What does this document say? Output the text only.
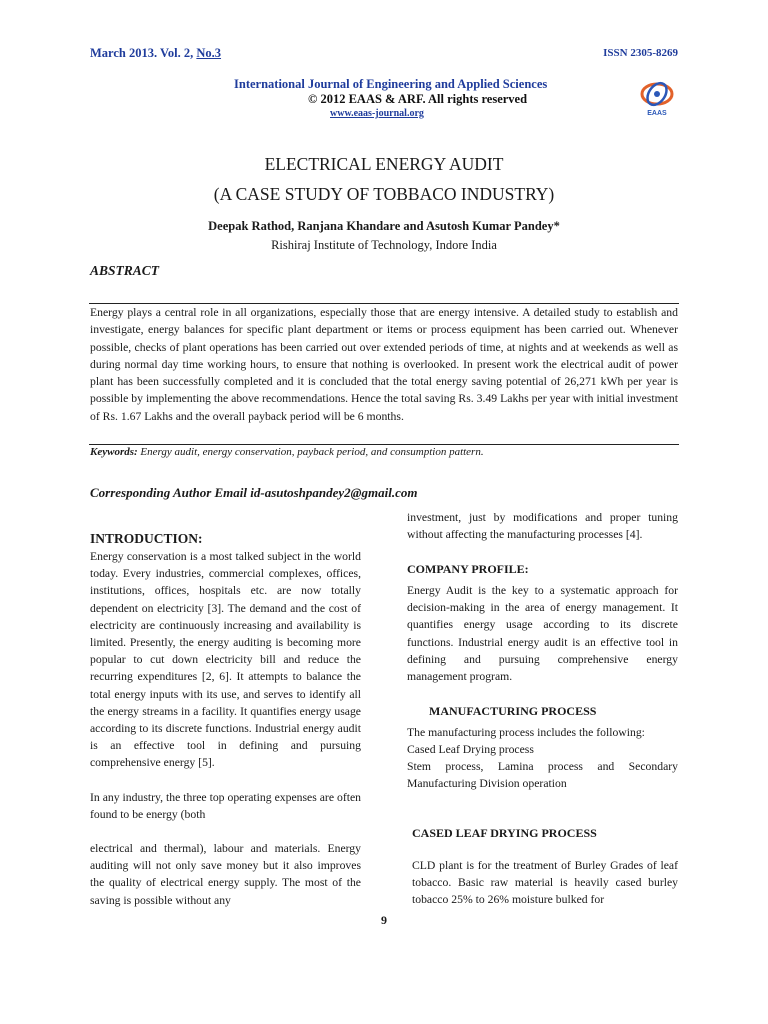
March 2013. Vol. 2, No.3	ISSN 2305-8269
International Journal of Engineering and Applied Sciences
© 2012 EAAS & ARF. All rights reserved
www.eaas-journal.org	EAAS
ELECTRICAL ENERGY AUDIT
(A CASE STUDY OF TOBBACO INDUSTRY)
Deepak Rathod, Ranjana Khandare and Asutosh Kumar Pandey*
Rishiraj Institute of Technology, Indore India
ABSTRACT
Energy plays a central role in all organizations, especially those that are energy intensive. A detailed study to establish and investigate, energy balances for specific plant department or items or process equipment has been carried out. Whenever possible, checks of plant operations has been carried out over extended periods of time, at nights and at weekends as well as during normal day time working hours, to ensure that nothing is overlooked. In present work the electrical audit of power plant has been successfully completed and it is concluded that the total energy saving potential of 26,271 kWh per year is possible by implementing the above recommendations. Hence the total saving Rs. 3.49 Lakhs per year with initial investment of Rs. 1.67 Lakhs and the overall payback period will be 6 months.
Keywords: Energy audit, energy conservation, payback period, and consumption pattern.
Corresponding Author Email id-asutoshpandey2@gmail.com
INTRODUCTION:
Energy conservation is a most talked subject in the world today. Every industries, commercial complexes, offices, institutions, offices, hospitals etc. are now totally dependent on electricity [3]. The demand and the cost of electricity are continuously increasing and availability is limited. Presently, the energy auditing is becoming more popular to cut down electricity bill and reduce the recurring expenditures [2, 6]. It attempts to balance the total energy inputs with its use, and serves to identify all the energy streams in a facility. It quantifies energy usage according to its discrete functions. Industrial energy audit is an effective tool in defining and pursuing comprehensive energy [5].
In any industry, the three top operating expenses are often found to be energy (both
electrical and thermal), labour and materials. Energy auditing will not only save money but it also improves the quality of electrical energy supply. The most of the saving is possible without any
investment, just by modifications and proper tuning without affecting the manufacturing processes [4].
COMPANY PROFILE:
Energy Audit is the key to a systematic approach for decision-making in the area of energy management. It quantifies energy usage according to its discrete functions. Industrial energy audit is an effective tool in defining and pursuing comprehensive energy management program.
MANUFACTURING PROCESS
The manufacturing process includes the following:
Cased Leaf Drying process
Stem process, Lamina process and Secondary Manufacturing Division operation
CASED LEAF DRYING PROCESS
CLD plant is for the treatment of Burley Grades of leaf tobacco. Basic raw material is heavily cased burley tobacco 25% to 26% moisture bulked for
9
